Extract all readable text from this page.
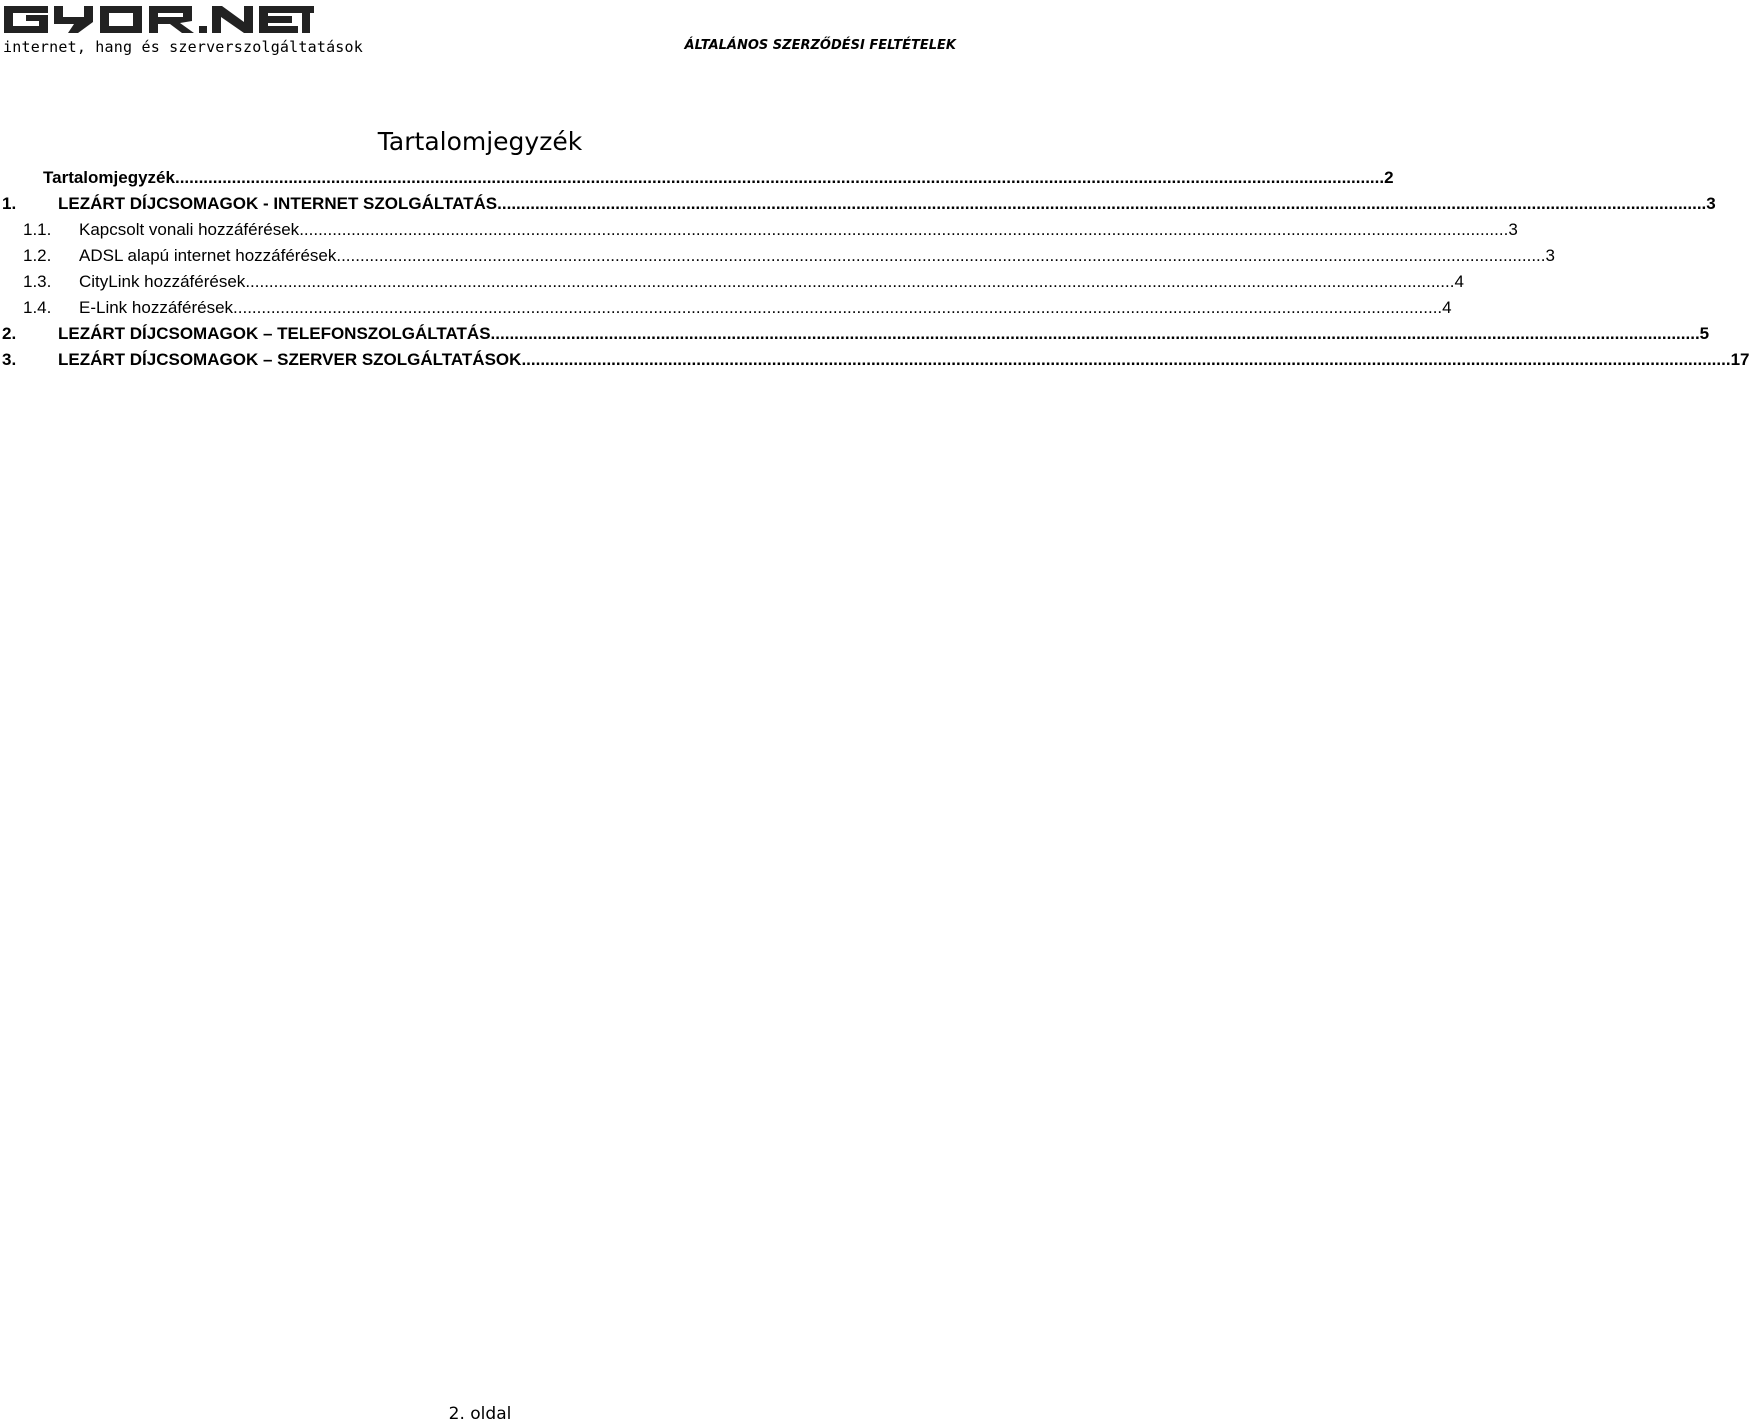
internet, hang és szerverszolgáltatások	ÁLTALÁNOS SZERZŐDÉSI FELTÉTELEK
Tartalomjegyzék
Tartalomjegyzék .....	2
1.	LEZÁRT DÍJCSOMAGOK - INTERNET SZOLGÁLTATÁS .....	3
1.1.	Kapcsolt vonali hozzáférések .....	3
1.2.	ADSL alapú internet hozzáférések .....	3
1.3.	CityLink hozzáférések .....	4
1.4.	E-Link hozzáférések .....	4
2.	LEZÁRT DÍJCSOMAGOK – TELEFONSZOLGÁLTATÁS .....	5
3.	LEZÁRT DÍJCSOMAGOK – SZERVER SZOLGÁLTATÁSOK .....	17
2. oldal
